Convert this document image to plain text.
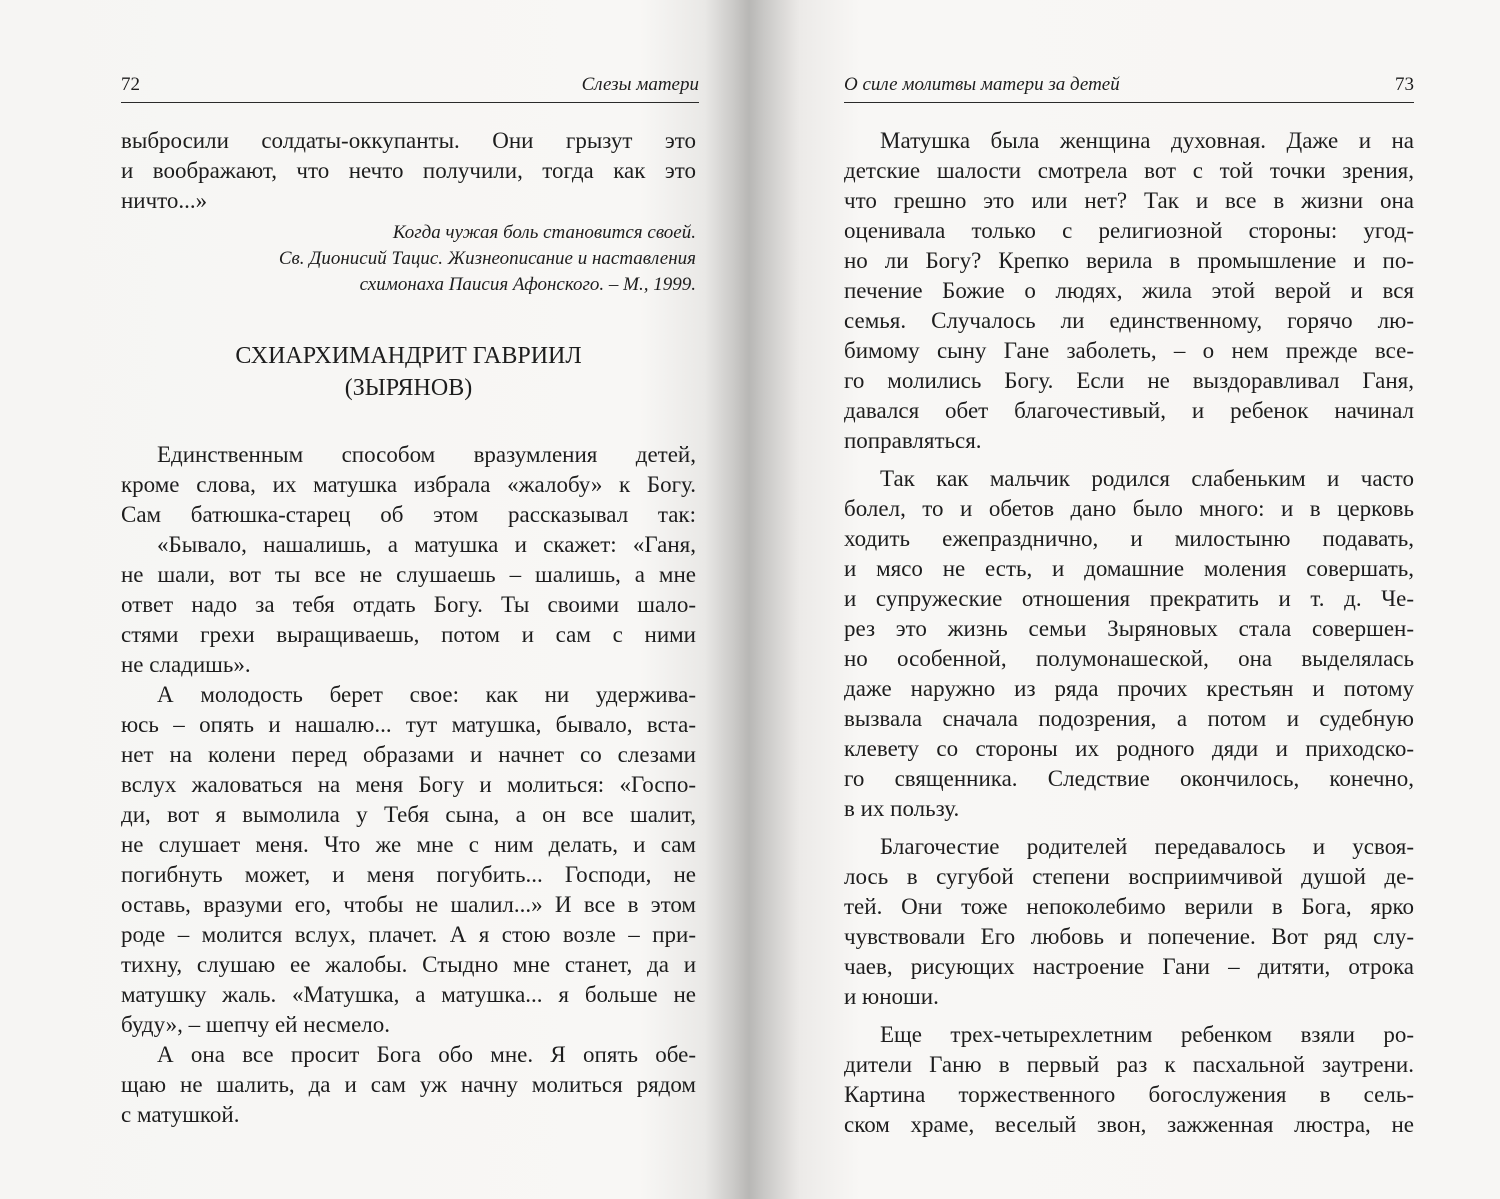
72	Слезы матери
выбросили солдаты-оккупанты. Они грызут это
и воображают, что нечто получили, тогда как это
ничто...»
Когда чужая боль становится своей.
Св. Дионисий Тацис. Жизнеописание и наставления
схимонаха Паисия Афонского. – М., 1999.
СХИАРХИМАНДРИТ ГАВРИИЛ
(ЗЫРЯНОВ)
Единственным способом вразумления детей,
кроме слова, их матушка избрала «жалобу» к Богу.
Сам батюшка-старец об этом рассказывал так:
«Бывало, нашалишь, а матушка и скажет: «Ганя,
не шали, вот ты все не слушаешь – шалишь, а мне
ответ надо за тебя отдать Богу. Ты своими шало-
стями грехи выращиваешь, потом и сам с ними
не сладишь».
А молодость берет свое: как ни удержива-
юсь – опять и нашалю... тут матушка, бывало, вста-
нет на колени перед образами и начнет со слезами
вслух жаловаться на меня Богу и молиться: «Госпо-
ди, вот я вымолила у Тебя сына, а он все шалит,
не слушает меня. Что же мне с ним делать, и сам
погибнуть может, и меня погубить... Господи, не
оставь, вразуми его, чтобы не шалил...» И все в этом
роде – молится вслух, плачет. А я стою возле – при-
тихну, слушаю ее жалобы. Стыдно мне станет, да и
матушку жаль. «Матушка, а матушка... я больше не
буду», – шепчу ей несмело.
А она все просит Бога обо мне. Я опять обе-
щаю не шалить, да и сам уж начну молиться рядом
с матушкой.
О силе молитвы матери за детей	73
Матушка была женщина духовная. Даже и на
детские шалости смотрела вот с той точки зрения,
что грешно это или нет? Так и все в жизни она
оценивала только с религиозной стороны: угод-
но ли Богу? Крепко верила в промышление и по-
печение Божие о людях, жила этой верой и вся
семья. Случалось ли единственному, горячо лю-
бимому сыну Гане заболеть, – о нем прежде все-
го молились Богу. Если не выздоравливал Ганя,
давался обет благочестивый, и ребенок начинал
поправляться.
Так как мальчик родился слабеньким и часто
болел, то и обетов дано было много: и в церковь
ходить ежепразднично, и милостыню подавать,
и мясо не есть, и домашние моления совершать,
и супружеские отношения прекратить и т. д. Че-
рез это жизнь семьи Зыряновых стала совершен-
но особенной, полумонашеской, она выделялась
даже наружно из ряда прочих крестьян и потому
вызвала сначала подозрения, а потом и судебную
клевету со стороны их родного дяди и приходско-
го священника. Следствие окончилось, конечно,
в их пользу.
Благочестие родителей передавалось и усвоя-
лось в сугубой степени восприимчивой душой де-
тей. Они тоже непоколебимо верили в Бога, ярко
чувствовали Его любовь и попечение. Вот ряд слу-
чаев, рисующих настроение Гани – дитяти, отрока
и юноши.
Еще трех-четырехлетним ребенком взяли ро-
дители Ганю в первый раз к пасхальной заутрени.
Картина торжественного богослужения в сель-
ском храме, веселый звон, зажженная люстра, не
